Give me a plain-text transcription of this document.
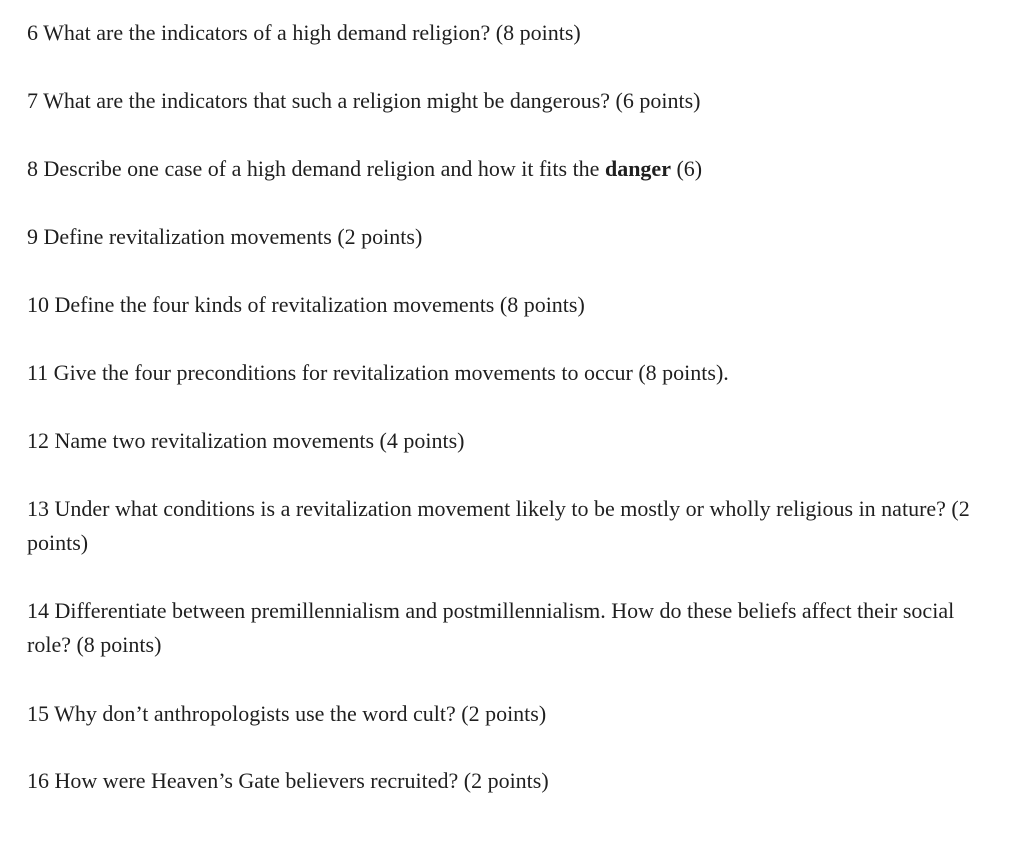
6 What are the indicators of a high demand religion? (8 points)

7 What are the indicators that such a religion might be dangerous? (6 points)

8 Describe one case of a high demand religion and how it fits the danger (6)

9 Define revitalization movements (2 points)

10 Define the four kinds of revitalization movements (8 points)

11 Give the four preconditions for revitalization movements to occur (8 points).

12 Name two revitalization movements (4 points)

13 Under what conditions is a revitalization movement likely to be mostly or wholly religious in nature? (2 points)

14 Differentiate between premillennialism and postmillennialism. How do these beliefs affect their social role? (8 points)

15 Why don’t anthropologists use the word cult? (2 points)

16 How were Heaven’s Gate believers recruited? (2 points)
